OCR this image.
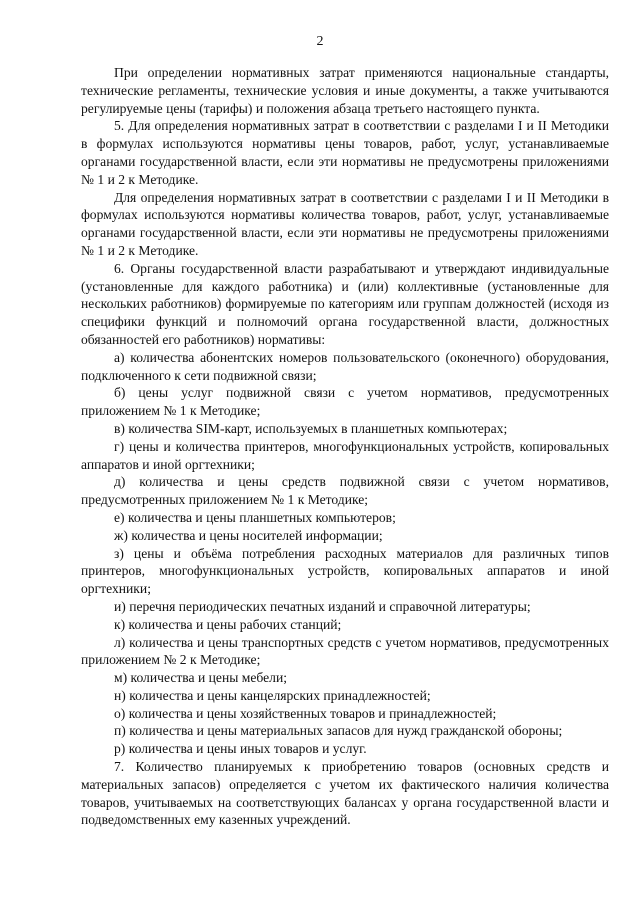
2

При определении нормативных затрат применяются национальные стандарты, технические регламенты, технические условия и иные документы, а также учитываются регулируемые цены (тарифы) и положения абзаца третьего настоящего пункта.

5. Для определения нормативных затрат в соответствии с разделами I и II Методики в формулах используются нормативы цены товаров, работ, услуг, устанавливаемые органами государственной власти, если эти нормативы не предусмотрены приложениями № 1 и 2 к Методике.

Для определения нормативных затрат в соответствии с разделами I и II Методики в формулах используются нормативы количества товаров, работ, услуг, устанавливаемые органами государственной власти, если эти нормативы не предусмотрены приложениями № 1 и 2 к Методике.

6. Органы государственной власти разрабатывают и утверждают индивидуальные (установленные для каждого работника) и (или) коллективные (установленные для нескольких работников) формируемые по категориям или группам должностей (исходя из специфики функций и полномочий органа государственной власти, должностных обязанностей его работников) нормативы:

а) количества абонентских номеров пользовательского (оконечного) оборудования, подключенного к сети подвижной связи;

б) цены услуг подвижной связи с учетом нормативов, предусмотренных приложением № 1 к Методике;

в) количества SIM-карт, используемых в планшетных компьютерах;

г) цены и количества принтеров, многофункциональных устройств, копировальных аппаратов и иной оргтехники;

д) количества и цены средств подвижной связи с учетом нормативов, предусмотренных приложением № 1 к Методике;

е) количества и цены планшетных компьютеров;

ж) количества и цены носителей информации;

з) цены и объёма потребления расходных материалов для различных типов принтеров, многофункциональных устройств, копировальных аппаратов и иной оргтехники;

и) перечня периодических печатных изданий и справочной литературы;

к) количества и цены рабочих станций;

л) количества и цены транспортных средств с учетом нормативов, предусмотренных приложением № 2 к Методике;

м) количества и цены мебели;

н) количества и цены канцелярских принадлежностей;

о) количества и цены хозяйственных товаров и принадлежностей;

п) количества и цены материальных запасов для нужд гражданской обороны;

р) количества и цены иных товаров и услуг.

7. Количество планируемых к приобретению товаров (основных средств и материальных запасов) определяется с учетом их фактического наличия количества товаров, учитываемых на соответствующих балансах у органа государственной власти и подведомственных ему казенных учреждений.
